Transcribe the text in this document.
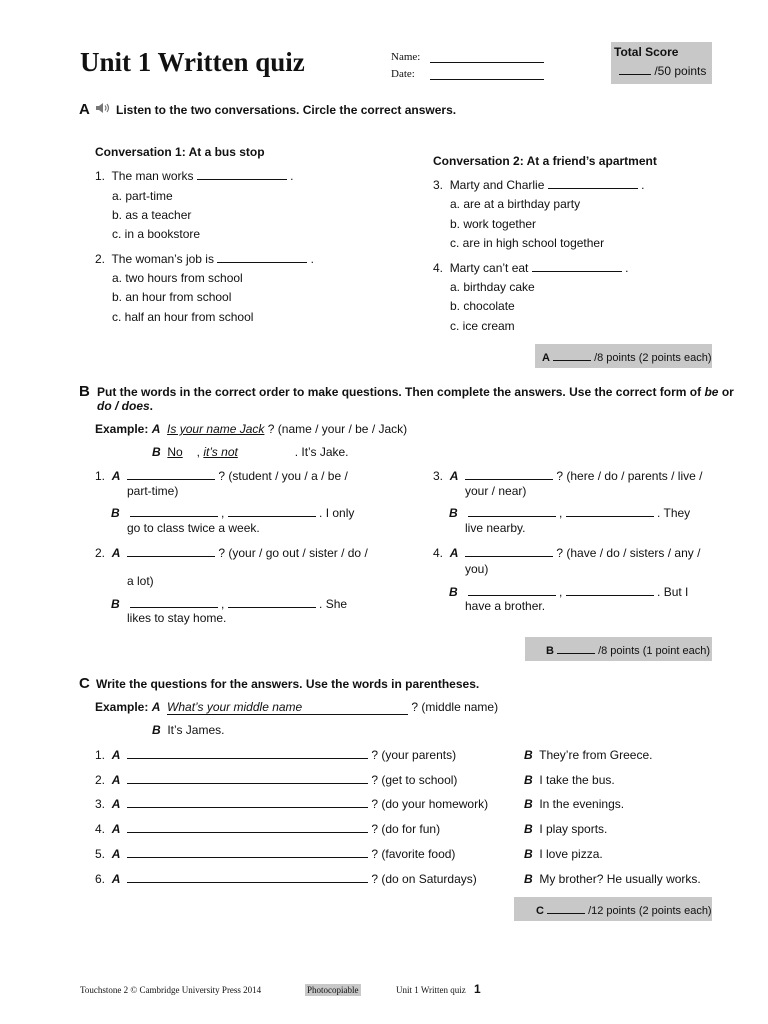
Unit 1 Written quiz	Name:
Date:
Total Score
/50 points
A Listen to the two conversations. Circle the correct answers.
Conversation 1: At a bus stop
1. The man works	.
a. part-time
b. as a teacher
c. in a bookstore
2. The woman’s job is	.
a. two hours from school
b. an hour from school
c. half an hour from school
Conversation 2: At a friend’s apartment
3. Marty and Charlie	.
a. are at a birthday party
b. work together
c. are in high school together
4. Marty can’t eat	.
a. birthday cake
b. chocolate
c. ice cream
A	/8 points (2 points each)
B Put the words in the correct order to make questions. Then complete the answers. Use the correct form of be or
do / does.
Example: A Is your name Jack ? (name / your / be / Jack)
B No , it’s not	. It’s Jake.
1. A	? (student / you / a / be /
part-time)
B	,	. I only
go to class twice a week.
2. A	? (your / go out / sister / do /
a lot)
B	,	. She
likes to stay home.
3. A	? (here / do / parents / live /
your / near)
B	,	. They
live nearby.
4. A	? (have / do / sisters / any /
you)
B	,	. But I
have a brother.
B	/8 points (1 point each)
C Write the questions for the answers. Use the words in parentheses.
Example: A What’s your middle name	? (middle name)
B It’s James.
1. A	? (your parents)	B They’re from Greece.
2. A	? (get to school)	B I take the bus.
3. A	? (do your homework)	B In the evenings.
4. A	? (do for fun)	B I play sports.
5. A	? (favorite food)	B I love pizza.
6. A	? (do on Saturdays)	B My brother? He usually works.
C	/12 points (2 points each)
Touchstone 2 © Cambridge University Press 2014	Photocopiable	Unit 1 Written quiz 1
